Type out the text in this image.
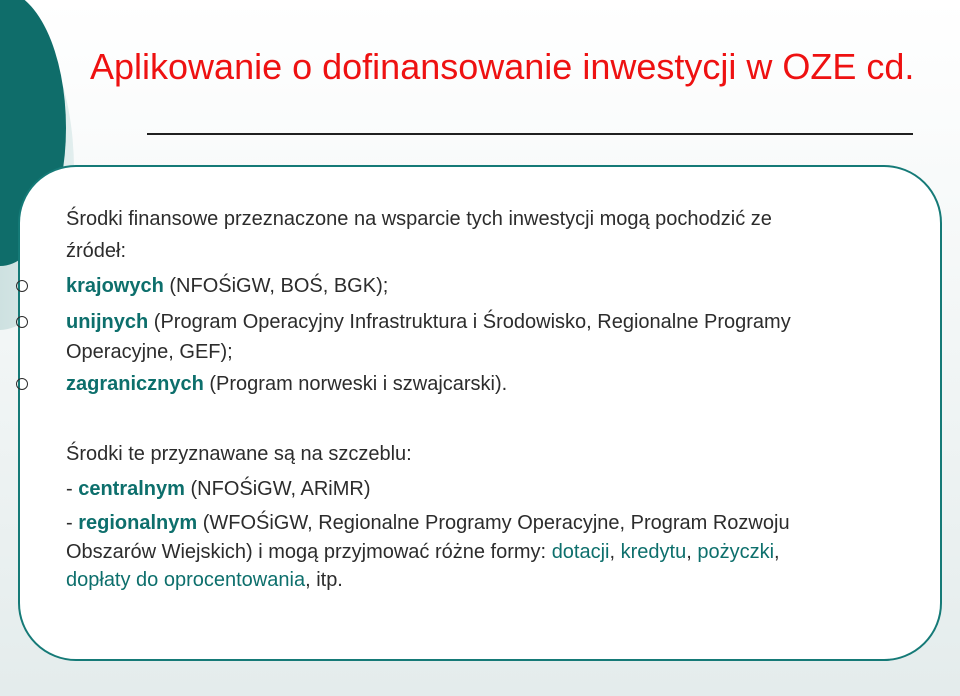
Aplikowanie o dofinansowanie inwestycji w OZE cd.
Środki finansowe przeznaczone na wsparcie tych inwestycji mogą pochodzić ze
źródeł:
krajowych (NFOŚiGW, BOŚ, BGK);
unijnych (Program Operacyjny Infrastruktura i Środowisko, Regionalne Programy
Operacyjne, GEF);
zagranicznych (Program norweski i szwajcarski).
Środki te przyznawane są na szczeblu:
- centralnym (NFOŚiGW, ARiMR)
- regionalnym (WFOŚiGW, Regionalne Programy Operacyjne, Program Rozwoju
Obszarów Wiejskich) i mogą przyjmować różne formy: dotacji, kredytu, pożyczki,
dopłaty do oprocentowania, itp.
